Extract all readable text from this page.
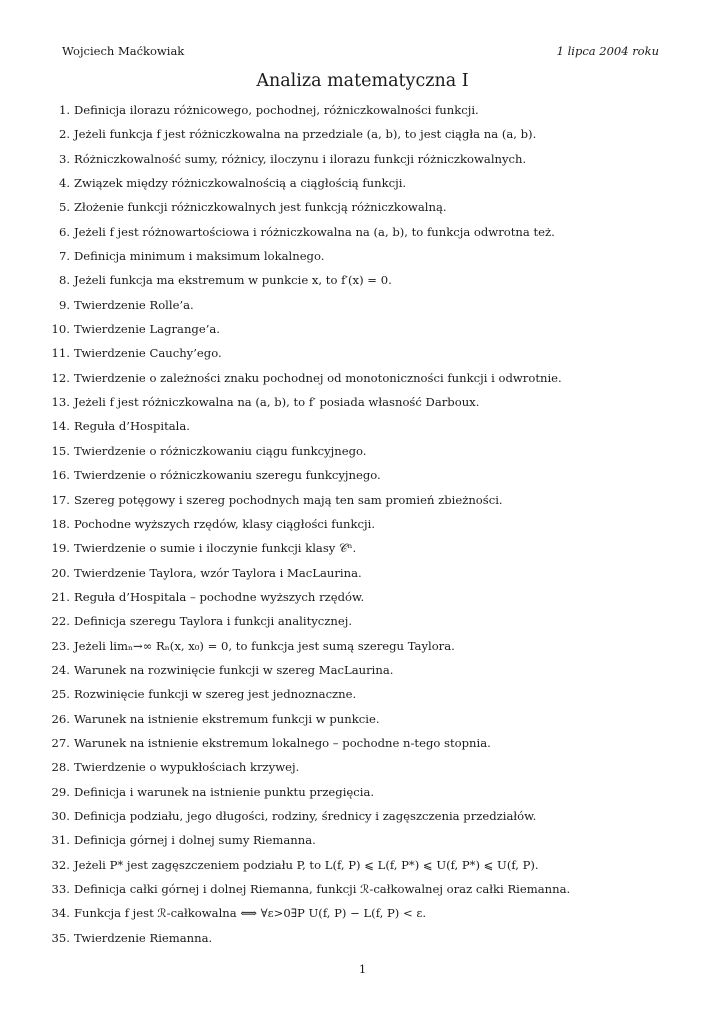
Wojciech Maćkowiak	1 lipca 2004 roku
Analiza matematyczna I
1. Definicja ilorazu różnicowego, pochodnej, różniczkowalności funkcji.
2. Jeżeli funkcja f jest różniczkowalna na przedziale (a, b), to jest ciągła na (a, b).
3. Różniczkowalność sumy, różnicy, iloczynu i ilorazu funkcji różniczkowalnych.
4. Związek między różniczkowalnością a ciągłością funkcji.
5. Złożenie funkcji różniczkowalnych jest funkcją różniczkowalną.
6. Jeżeli f jest różnowartościowa i różniczkowalna na (a, b), to funkcja odwrotna też.
7. Definicja minimum i maksimum lokalnego.
8. Jeżeli funkcja ma ekstremum w punkcie x, to f′(x) = 0.
9. Twierdzenie Rolle’a.
10. Twierdzenie Lagrange’a.
11. Twierdzenie Cauchy’ego.
12. Twierdzenie o zależności znaku pochodnej od monotoniczności funkcji i odwrotnie.
13. Jeżeli f jest różniczkowalna na (a, b), to f′ posiada własność Darboux.
14. Reguła d’Hospitala.
15. Twierdzenie o różniczkowaniu ciągu funkcyjnego.
16. Twierdzenie o różniczkowaniu szeregu funkcyjnego.
17. Szereg potęgowy i szereg pochodnych mają ten sam promień zbieżności.
18. Pochodne wyższych rzędów, klasy ciągłości funkcji.
19. Twierdzenie o sumie i iloczynie funkcji klasy 𝒞ⁿ.
20. Twierdzenie Taylora, wzór Taylora i MacLaurina.
21. Reguła d’Hospitala – pochodne wyższych rzędów.
22. Definicja szeregu Taylora i funkcji analitycznej.
23. Jeżeli limₙ→∞ Rₙ(x, x₀) = 0, to funkcja jest sumą szeregu Taylora.
24. Warunek na rozwinięcie funkcji w szereg MacLaurina.
25. Rozwinięcie funkcji w szereg jest jednoznaczne.
26. Warunek na istnienie ekstremum funkcji w punkcie.
27. Warunek na istnienie ekstremum lokalnego – pochodne n-tego stopnia.
28. Twierdzenie o wypukłościach krzywej.
29. Definicja i warunek na istnienie punktu przegięcia.
30. Definicja podziału, jego długości, rodziny, średnicy i zagęszczenia przedziałów.
31. Definicja górnej i dolnej sumy Riemanna.
32. Jeżeli P* jest zagęszczeniem podziału P, to L(f, P) ⩽ L(f, P*) ⩽ U(f, P*) ⩽ U(f, P).
33. Definicja całki górnej i dolnej Riemanna, funkcji ℛ-całkowalnej oraz całki Riemanna.
34. Funkcja f jest ℛ-całkowalna ⟺ ∀ε>0∃P U(f, P) − L(f, P) < ε.
35. Twierdzenie Riemanna.
1
